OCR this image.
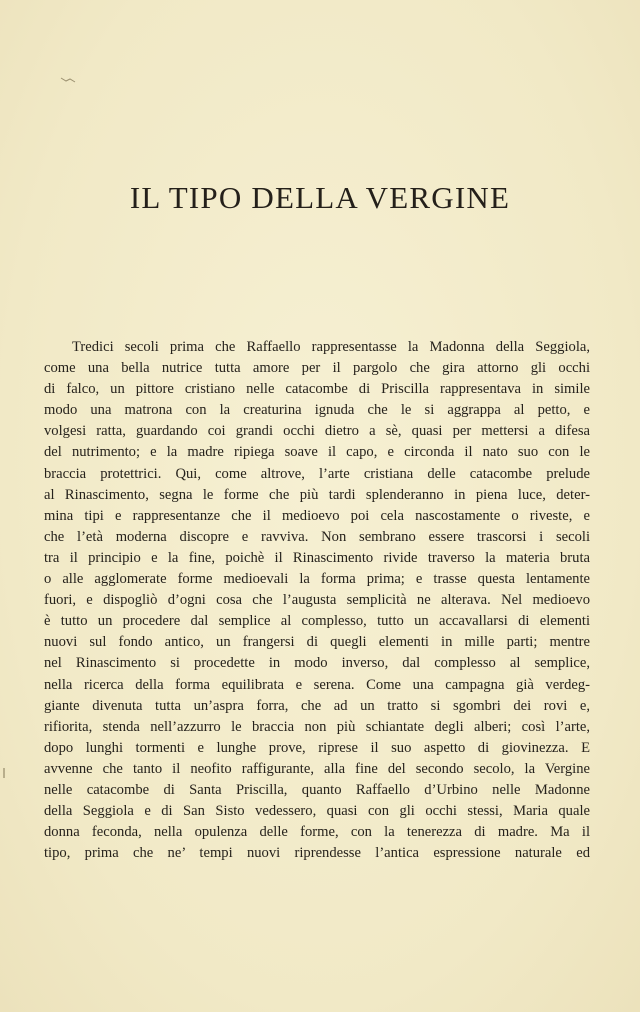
IL TIPO DELLA VERGINE
Tredici secoli prima che Raffaello rappresentasse la Madonna della Seggiola,
come una bella nutrice tutta amore per il pargolo che gira attorno gli occhi
di falco, un pittore cristiano nelle catacombe di Priscilla rappresentava in simile
modo una matrona con la creaturina ignuda che le si aggrappa al petto, e
volgesi ratta, guardando coi grandi occhi dietro a sè, quasi per mettersi a difesa
del nutrimento; e la madre ripiega soave il capo, e circonda il nato suo con le
braccia protettrici. Qui, come altrove, l’arte cristiana delle catacombe prelude
al Rinascimento, segna le forme che più tardi splenderanno in piena luce, deter-
mina tipi e rappresentanze che il medioevo poi cela nascostamente o riveste, e
che l’età moderna discopre e ravviva. Non sembrano essere trascorsi i secoli
tra il principio e la fine, poichè il Rinascimento rivide traverso la materia bruta
o alle agglomerate forme medioevali la forma prima; e trasse questa lentamente
fuori, e dispogliò d’ogni cosa che l’augusta semplicità ne alterava. Nel medioevo
è tutto un procedere dal semplice al complesso, tutto un accavallarsi di elementi
nuovi sul fondo antico, un frangersi di quegli elementi in mille parti; mentre
nel Rinascimento si procedette in modo inverso, dal complesso al semplice,
nella ricerca della forma equilibrata e serena. Come una campagna già verdeg-
giante divenuta tutta un’aspra forra, che ad un tratto si sgombri dei rovi e,
rifiorita, stenda nell’azzurro le braccia non più schiantate degli alberi; così l’arte,
dopo lunghi tormenti e lunghe prove, riprese il suo aspetto di giovinezza. E
avvenne che tanto il neofito raffigurante, alla fine del secondo secolo, la Vergine
nelle catacombe di Santa Priscilla, quanto Raffaello d’Urbino nelle Madonne
della Seggiola e di San Sisto vedessero, quasi con gli occhi stessi, Maria quale
donna feconda, nella opulenza delle forme, con la tenerezza di madre. Ma il
tipo, prima che ne’ tempi nuovi riprendesse l’antica espressione naturale ed
